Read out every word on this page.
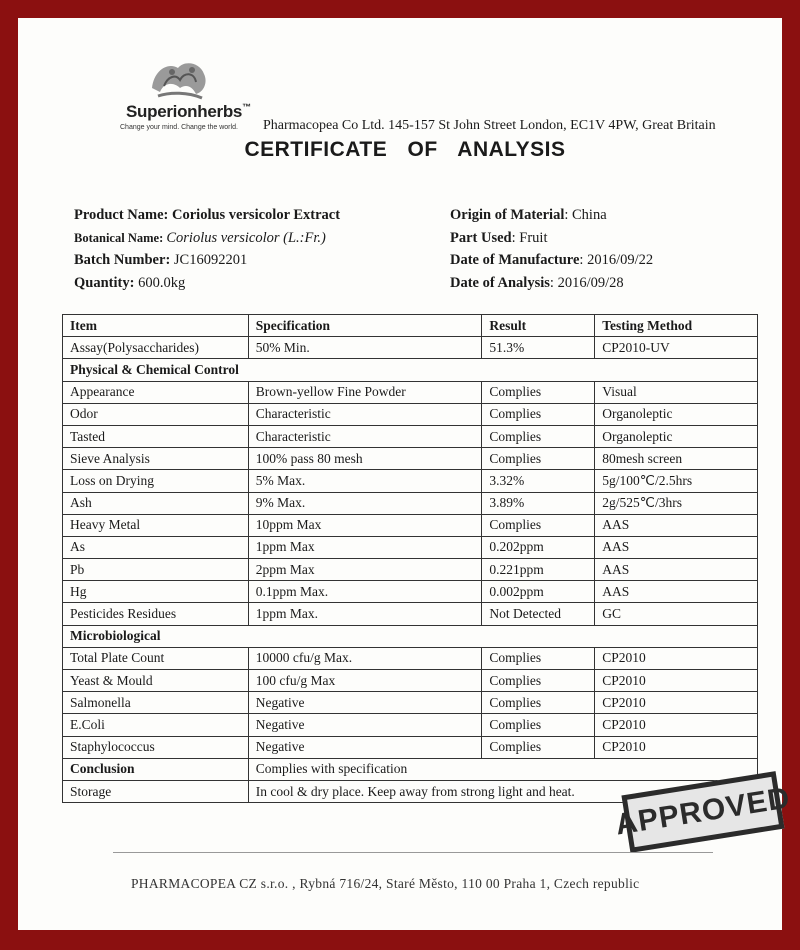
Superionherbs™
Change your mind. Change the world. Pharmacopea Co Ltd. 145-157 St John Street London, EC1V 4PW, Great Britain
CERTIFICATE OF ANALYSIS
Product Name: Coriolus versicolor Extract
Botanical Name: Coriolus versicolor (L.:Fr.)
Batch Number: JC16092201
Quantity: 600.0kg
Origin of Material: China
Part Used: Fruit
Date of Manufacture: 2016/09/22
Date of Analysis: 2016/09/28
Item	Specification	Result	Testing Method
Assay(Polysaccharides)	50% Min.	51.3%	CP2010-UV
Physical & Chemical Control			
Appearance	Brown-yellow Fine Powder	Complies	Visual
Odor	Characteristic	Complies	Organoleptic
Tasted	Characteristic	Complies	Organoleptic
Sieve Analysis	100% pass 80 mesh	Complies	80mesh screen
Loss on Drying	5% Max.	3.32%	5g/100℃/2.5hrs
Ash	9% Max.	3.89%	2g/525℃/3hrs
Heavy Metal	10ppm Max	Complies	AAS
As	1ppm Max	0.202ppm	AAS
Pb	2ppm Max	0.221ppm	AAS
Hg	0.1ppm Max.	0.002ppm	AAS
Pesticides Residues	1ppm Max.	Not Detected	GC
Microbiological			
Total Plate Count	10000 cfu/g Max.	Complies	CP2010
Yeast & Mould	100 cfu/g Max	Complies	CP2010
Salmonella	Negative	Complies	CP2010
E.Coli	Negative	Complies	CP2010
Staphylococcus	Negative	Complies	CP2010
Conclusion	Complies with specification		
Storage	In cool & dry place. Keep away from strong light and heat.		APPROVED
PHARMACOPEA CZ s.r.o. , Rybná 716/24, Staré Město, 110 00 Praha 1, Czech republic
